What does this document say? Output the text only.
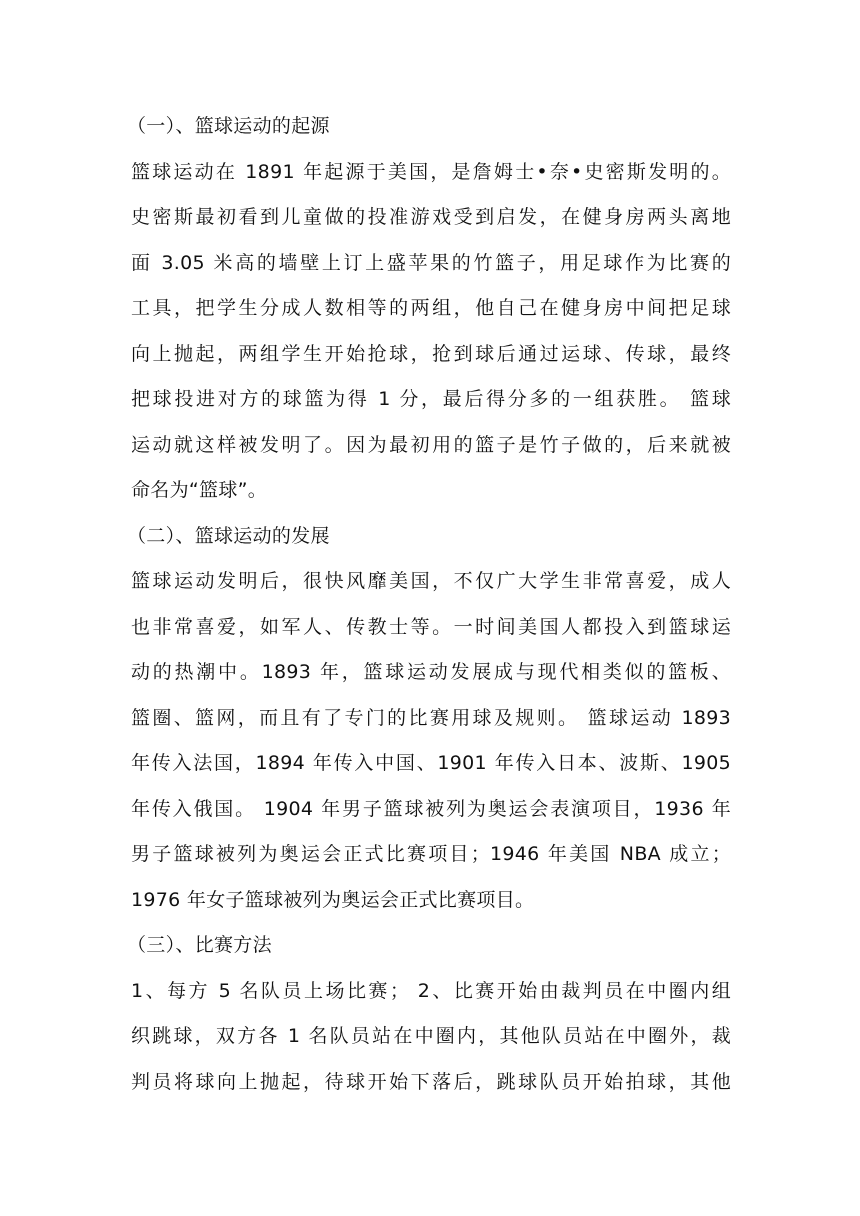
（一）、篮球运动的起源
篮球运动在 1891 年起源于美国，是詹姆士•奈•史密斯发明的。
史密斯最初看到儿童做的投准游戏受到启发，在健身房两头离地
面 3.05 米高的墙壁上订上盛苹果的竹篮子，用足球作为比赛的
工具，把学生分成人数相等的两组，他自己在健身房中间把足球
向上抛起，两组学生开始抢球，抢到球后通过运球、传球，最终
把球投进对方的球篮为得 1 分，最后得分多的一组获胜。 篮球
运动就这样被发明了。因为最初用的篮子是竹子做的，后来就被
命名为“篮球”。
（二）、篮球运动的发展
篮球运动发明后，很快风靡美国，不仅广大学生非常喜爱，成人
也非常喜爱，如军人、传教士等。一时间美国人都投入到篮球运
动的热潮中。1893 年，篮球运动发展成与现代相类似的篮板、
篮圈、篮网，而且有了专门的比赛用球及规则。 篮球运动 1893
年传入法国，1894 年传入中国、1901 年传入日本、波斯、1905
年传入俄国。 1904 年男子篮球被列为奥运会表演项目，1936 年
男子篮球被列为奥运会正式比赛项目；1946 年美国 NBA 成立；
1976 年女子篮球被列为奥运会正式比赛项目。
（三）、比赛方法
1、每方 5 名队员上场比赛； 2、比赛开始由裁判员在中圈内组
织跳球，双方各 1 名队员站在中圈内，其他队员站在中圈外，裁
判员将球向上抛起，待球开始下落后，跳球队员开始拍球，其他
